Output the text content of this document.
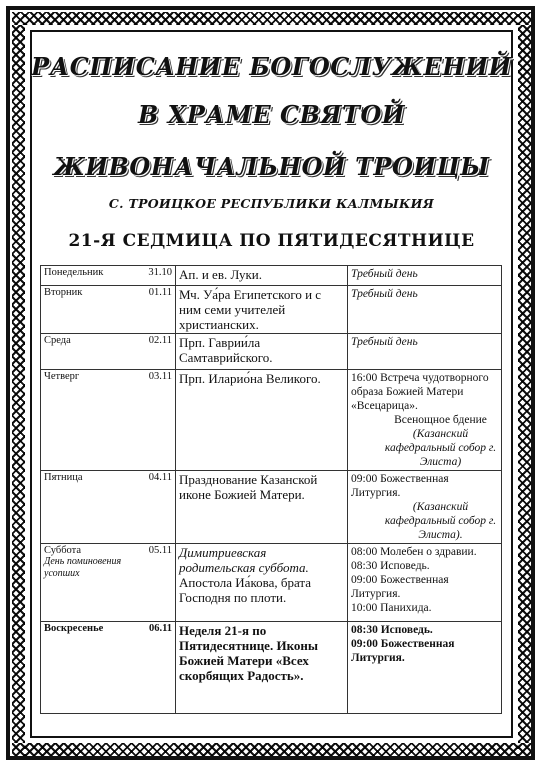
РАСПИСАНИЕ БОГОСЛУЖЕНИЙ
В ХРАМЕ СВЯТОЙ
ЖИВОНАЧАЛЬНОЙ ТРОИЦЫ
С. ТРОИЦКОЕ РЕСПУБЛИКИ КАЛМЫКИЯ
21-Я СЕДМИЦА ПО ПЯТИДЕСЯТНИЦЕ
Понедельник	31.10	Ап. и ев. Луки.	Требный день
Вторник	01.11	Мч. Уа́ра Египетского и с ним семи учителей христианских.	Требный день
Среда	02.11	Прп. Гаврии́ла Самтаврийского.	Требный день
Четверг	03.11	Прп. Иларио́на Великого.	16:00 Встреча чудотворного образа Божией Матери «Всецарица».
Всенощное бдение
(Казанский кафедральный собор г. Элиста)

Пятница	04.11	Празднование Казанской иконе Божией Матери.	09:00 Божественная Литургия.
(Казанский кафедральный собор г. Элиста).

Суббота
День поминовения усопших	05.11	Димитриевская родительская суббота.
Апостола Иа́кова, брата Господня по плоти.	08:00 Молебен о здравии.
08:30 Исповедь.
09:00 Божественная Литургия.
10:00 Панихида.

Воскресенье	06.11	Неделя 21-я по Пятидесятнице. Иконы Божией Матери «Всех скорбящих Радость».	08:30 Исповедь.
09:00 Божественная Литургия.
